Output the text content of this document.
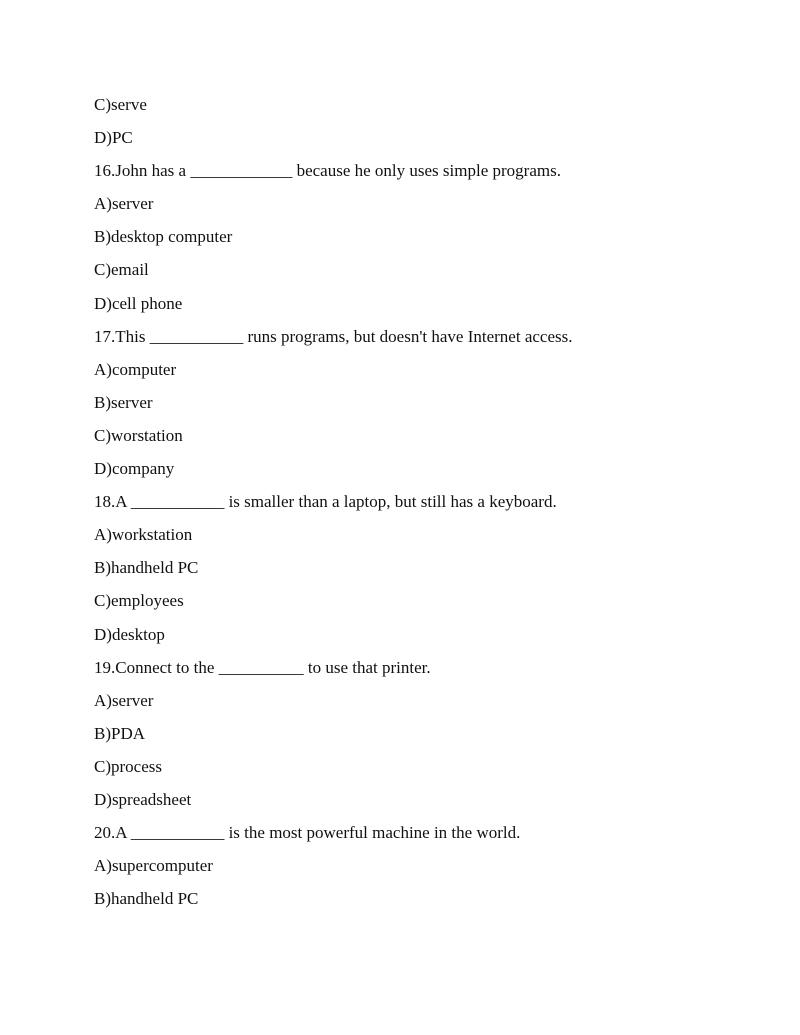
C)serve
D)PC
16.John has a ____________ because he only uses simple programs.
A)server
B)desktop computer
C)email
D)cell phone
17.This ___________ runs programs, but doesn't have Internet access.
A)computer
B)server
C)worstation
D)company
18.A ___________ is smaller than a laptop, but still has a keyboard.
A)workstation
B)handheld PC
C)employees
D)desktop
19.Connect to the __________ to use that printer.
A)server
B)PDA
C)process
D)spreadsheet
20.A ___________ is the most powerful machine in the world.
A)supercomputer
B)handheld PC
